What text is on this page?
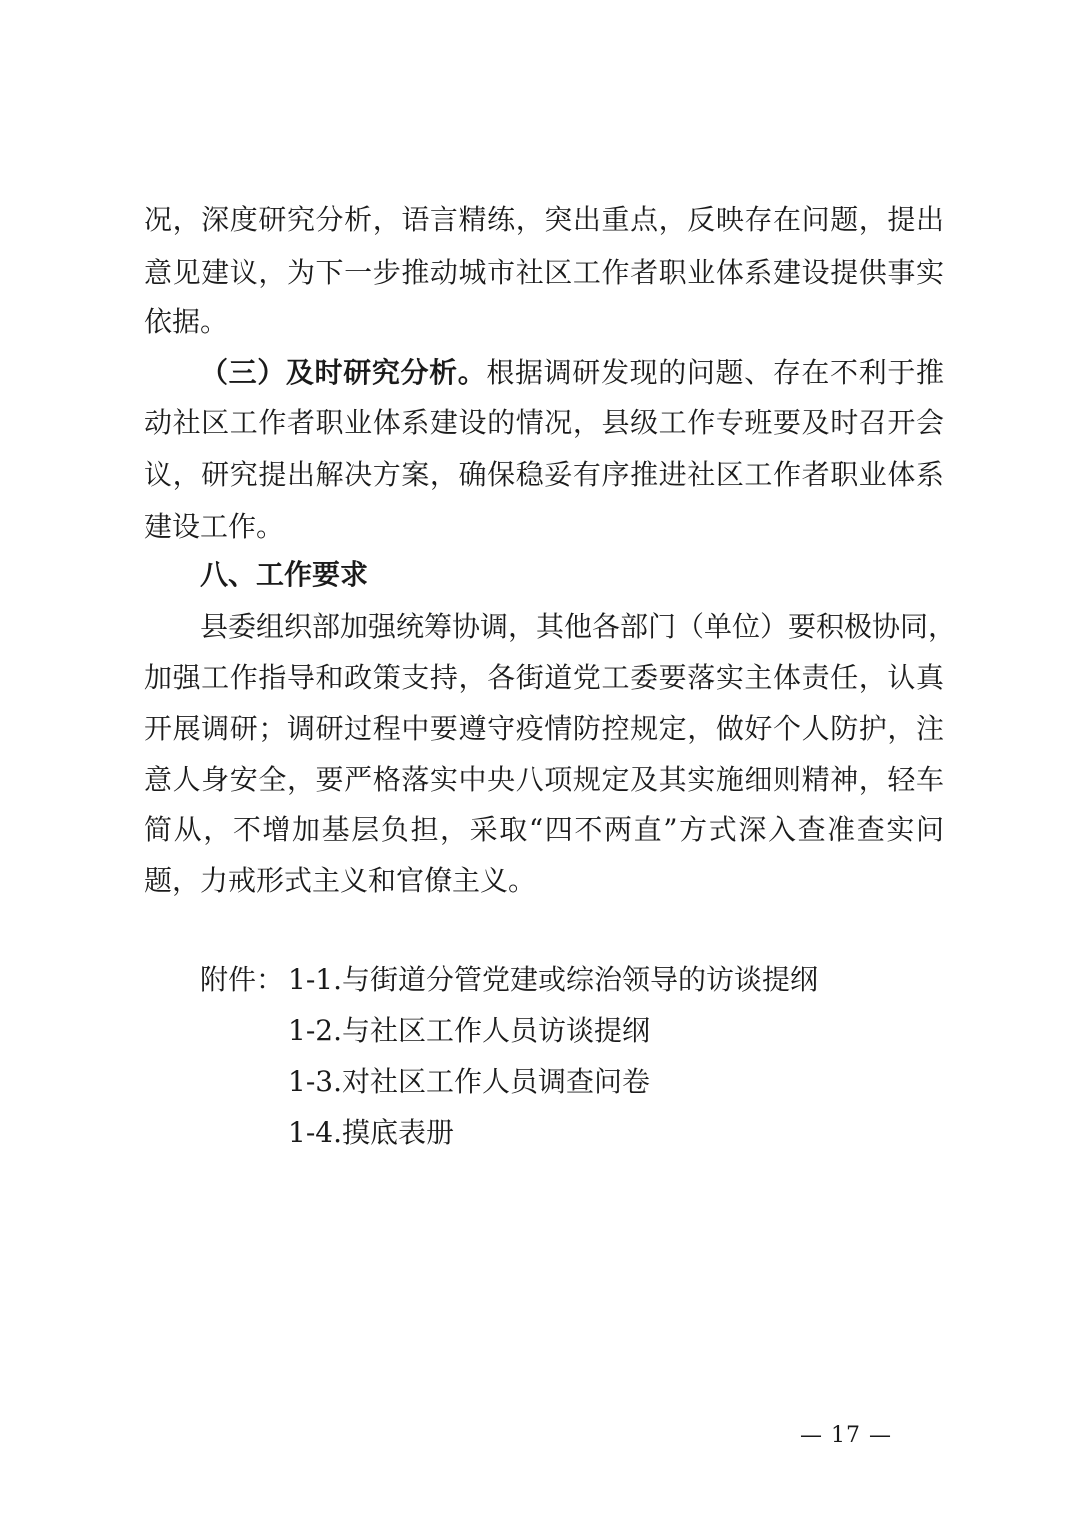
况，深度研究分析，语言精练，突出重点，反映存在问题，提出
意见建议，为下一步推动城市社区工作者职业体系建设提供事实
依据。
（三）及时研究分析。根据调研发现的问题、存在不利于推
动社区工作者职业体系建设的情况，县级工作专班要及时召开会
议，研究提出解决方案，确保稳妥有序推进社区工作者职业体系
建设工作。
八、工作要求
县委组织部加强统筹协调，其他各部门（单位）要积极协同，
加强工作指导和政策支持，各街道党工委要落实主体责任，认真
开展调研；调研过程中要遵守疫情防控规定，做好个人防护，注
意人身安全，要严格落实中央八项规定及其实施细则精神，轻车
简从，不增加基层负担，采取“四不两直”方式深入查准查实问
题，力戒形式主义和官僚主义。
附件： 1-1.与街道分管党建或综治领导的访谈提纲
1-2.与社区工作人员访谈提纲
1-3.对社区工作人员调查问卷
1-4.摸底表册
— 17 —
